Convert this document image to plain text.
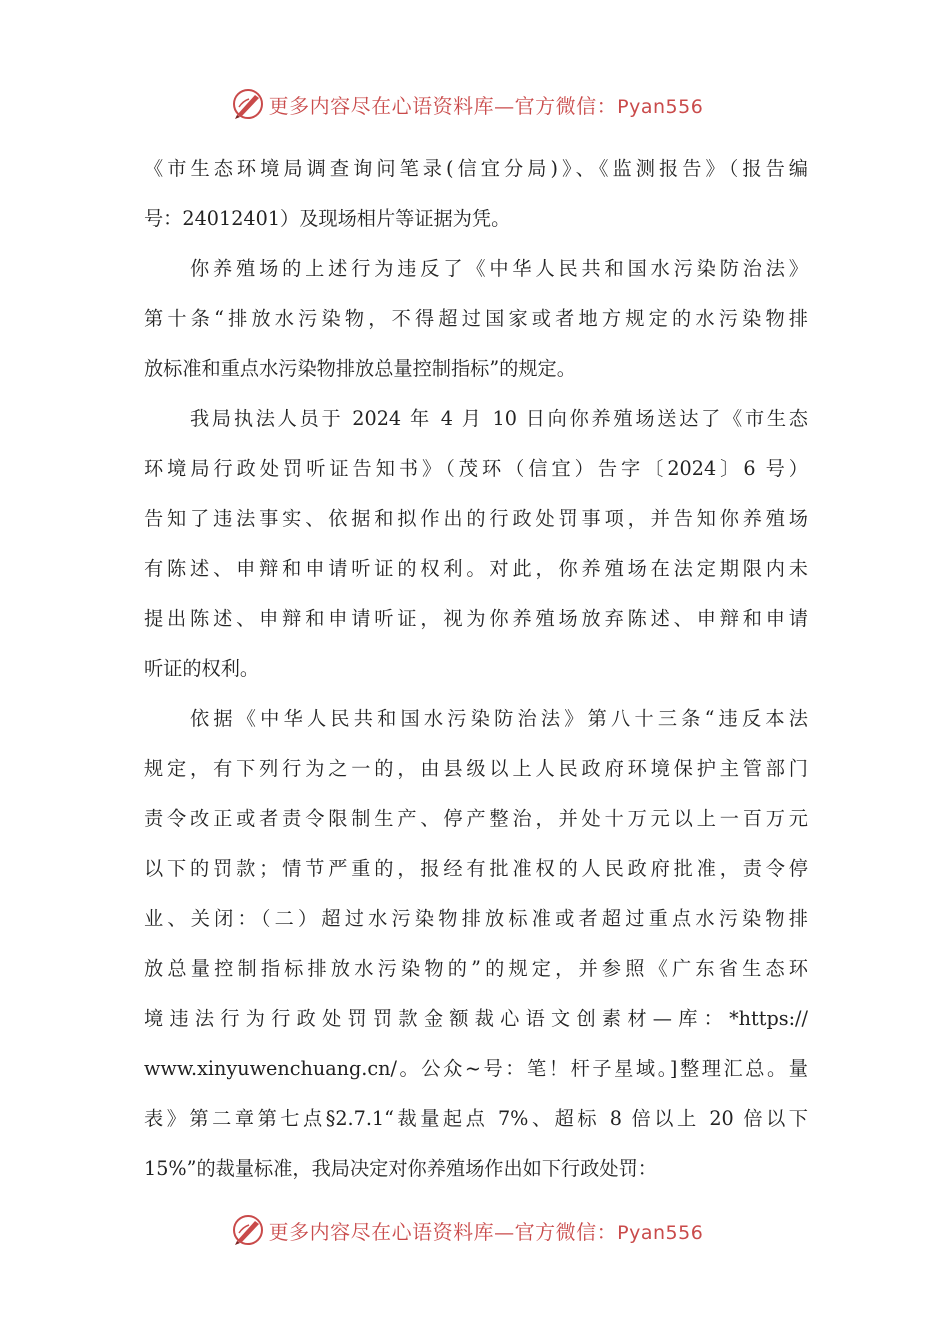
更多内容尽在心语资料库—官方微信：Pyan556
《市生态环境局调查询问笔录(信宜分局)》、《监测报告》（报告编
号：24012401）及现场相片等证据为凭。
你养殖场的上述行为违反了《中华人民共和国水污染防治法》
第十条“排放水污染物，不得超过国家或者地方规定的水污染物排
放标准和重点水污染物排放总量控制指标”的规定。
我局执法人员于 2024 年 4 月 10 日向你养殖场送达了《市生态
环境局行政处罚听证告知书》（茂环（信宜）告字〔2024〕6 号）
告知了违法事实、依据和拟作出的行政处罚事项，并告知你养殖场
有陈述、申辩和申请听证的权利。对此，你养殖场在法定期限内未
提出陈述、申辩和申请听证，视为你养殖场放弃陈述、申辩和申请
听证的权利。
依据《中华人民共和国水污染防治法》第八十三条“违反本法
规定，有下列行为之一的，由县级以上人民政府环境保护主管部门
责令改正或者责令限制生产、停产整治，并处十万元以上一百万元
以下的罚款；情节严重的，报经有批准权的人民政府批准，责令停
业、关闭：（二）超过水污染物排放标准或者超过重点水污染物排
放总量控制指标排放水污染物的”的规定，并参照《广东省生态环
境违法行为行政处罚罚款金额裁心语文创素材—库：*https://
www.xinyuwenchuang.cn/。公众~号：笔！杆子星域。]整理汇总。量
表》第二章第七点§2.7.1“裁量起点 7%、超标 8 倍以上 20 倍以下
15%”的裁量标准，我局决定对你养殖场作出如下行政处罚：
更多内容尽在心语资料库—官方微信：Pyan556
